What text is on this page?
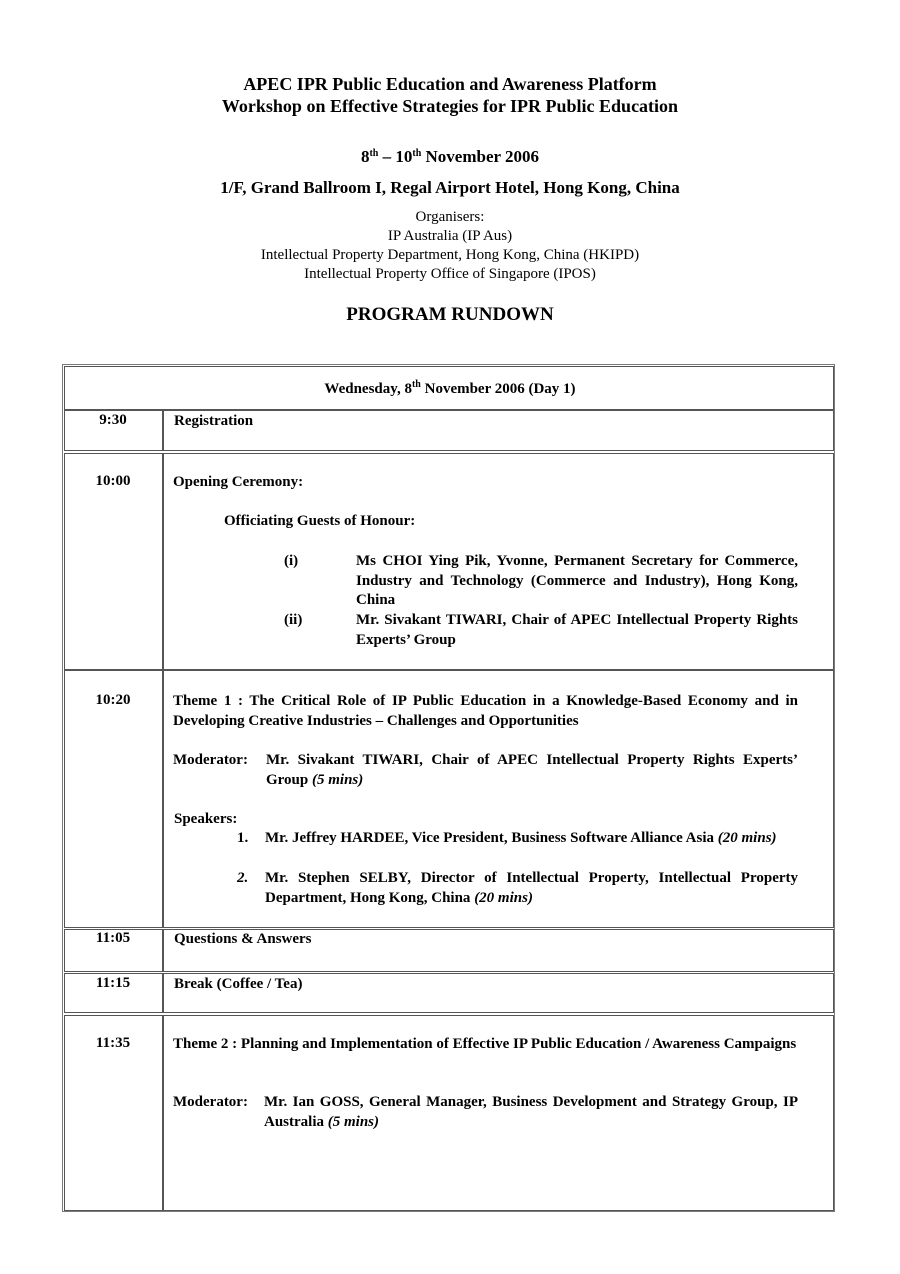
APEC IPR Public Education and Awareness Platform
Workshop on Effective Strategies for IPR Public Education
8th – 10th November 2006
1/F, Grand Ballroom I, Regal Airport Hotel, Hong Kong, China
Organisers:
IP Australia (IP Aus)
Intellectual Property Department, Hong Kong, China (HKIPD)
Intellectual Property Office of Singapore (IPOS)
PROGRAM RUNDOWN
Wednesday, 8th November 2006 (Day 1)
9:30	Registration
10:00	Opening Ceremony:
Officiating Guests of Honour:
(i)	Ms CHOI Ying Pik, Yvonne, Permanent Secretary for Commerce, Industry and Technology (Commerce and Industry), Hong Kong, China
(ii)	Mr. Sivakant TIWARI, Chair of APEC Intellectual Property Rights Experts’ Group
10:20	Theme 1 : The Critical Role of IP Public Education in a Knowledge-Based Economy and in Developing Creative Industries – Challenges and Opportunities
Moderator: Mr. Sivakant TIWARI, Chair of APEC Intellectual Property Rights Experts’ Group (5 mins)
Speakers:
1. Mr. Jeffrey HARDEE, Vice President, Business Software Alliance Asia (20 mins)
2. Mr. Stephen SELBY, Director of Intellectual Property, Intellectual Property Department, Hong Kong, China (20 mins)
11:05	Questions & Answers
11:15	Break (Coffee / Tea)
11:35	Theme 2 : Planning and Implementation of Effective IP Public Education / Awareness Campaigns
Moderator: Mr. Ian GOSS, General Manager, Business Development and Strategy Group, IP Australia (5 mins)
